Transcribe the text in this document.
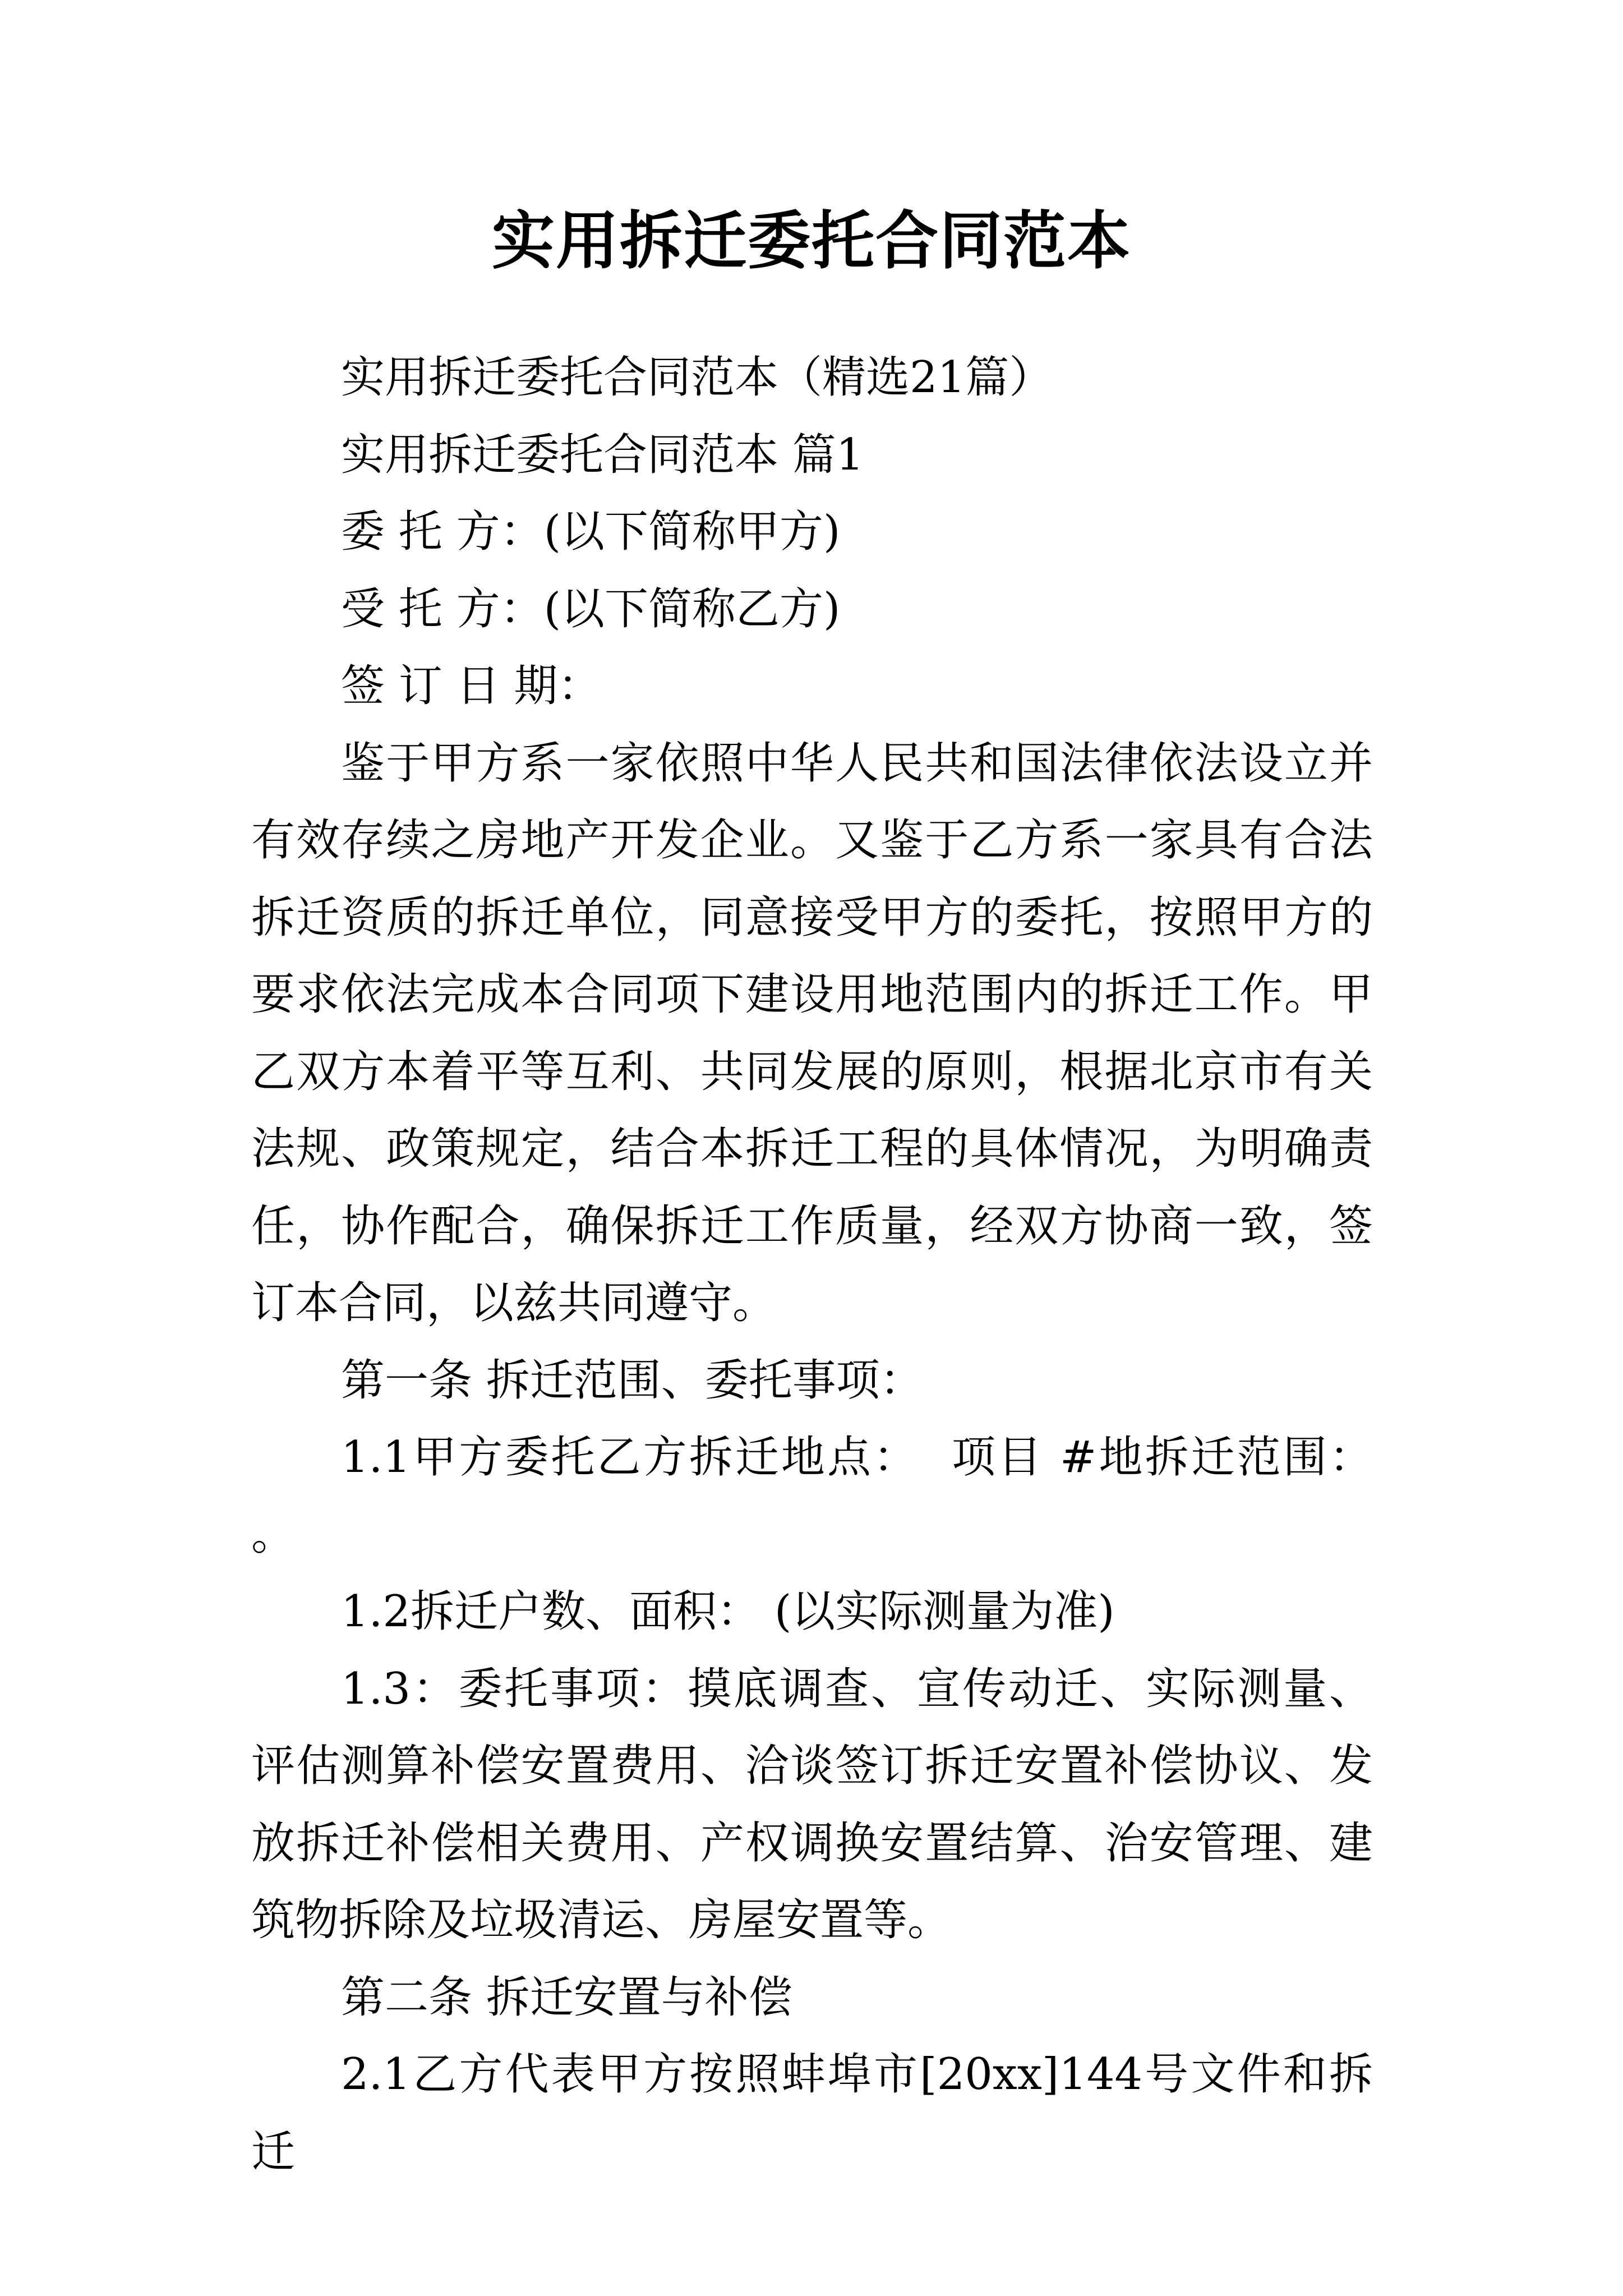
实用拆迁委托合同范本

实用拆迁委托合同范本（精选21篇）

实用拆迁委托合同范本 篇1

委 托 方：(以下简称甲方)

受 托 方：(以下简称乙方)

签 订 日 期：

鉴于甲方系一家依照中华人民共和国法律依法设立并有效存续之房地产开发企业。又鉴于乙方系一家具有合法拆迁资质的拆迁单位，同意接受甲方的委托，按照甲方的要求依法完成本合同项下建设用地范围内的拆迁工作。甲乙双方本着平等互利、共同发展的原则，根据北京市有关法规、政策规定，结合本拆迁工程的具体情况，为明确责任，协作配合，确保拆迁工作质量，经双方协商一致，签订本合同，以兹共同遵守。

第一条 拆迁范围、委托事项：

1.1甲方委托乙方拆迁地点：  项目 #地拆迁范围：  。

1.2拆迁户数、面积： (以实际测量为准)

1.3：委托事项：摸底调查、宣传动迁、实际测量、评估测算补偿安置费用、洽谈签订拆迁安置补偿协议、发放拆迁补偿相关费用、产权调换安置结算、治安管理、建筑物拆除及垃圾清运、房屋安置等。

第二条 拆迁安置与补偿

2.1乙方代表甲方按照蚌埠市[20xx]144号文件和拆迁
